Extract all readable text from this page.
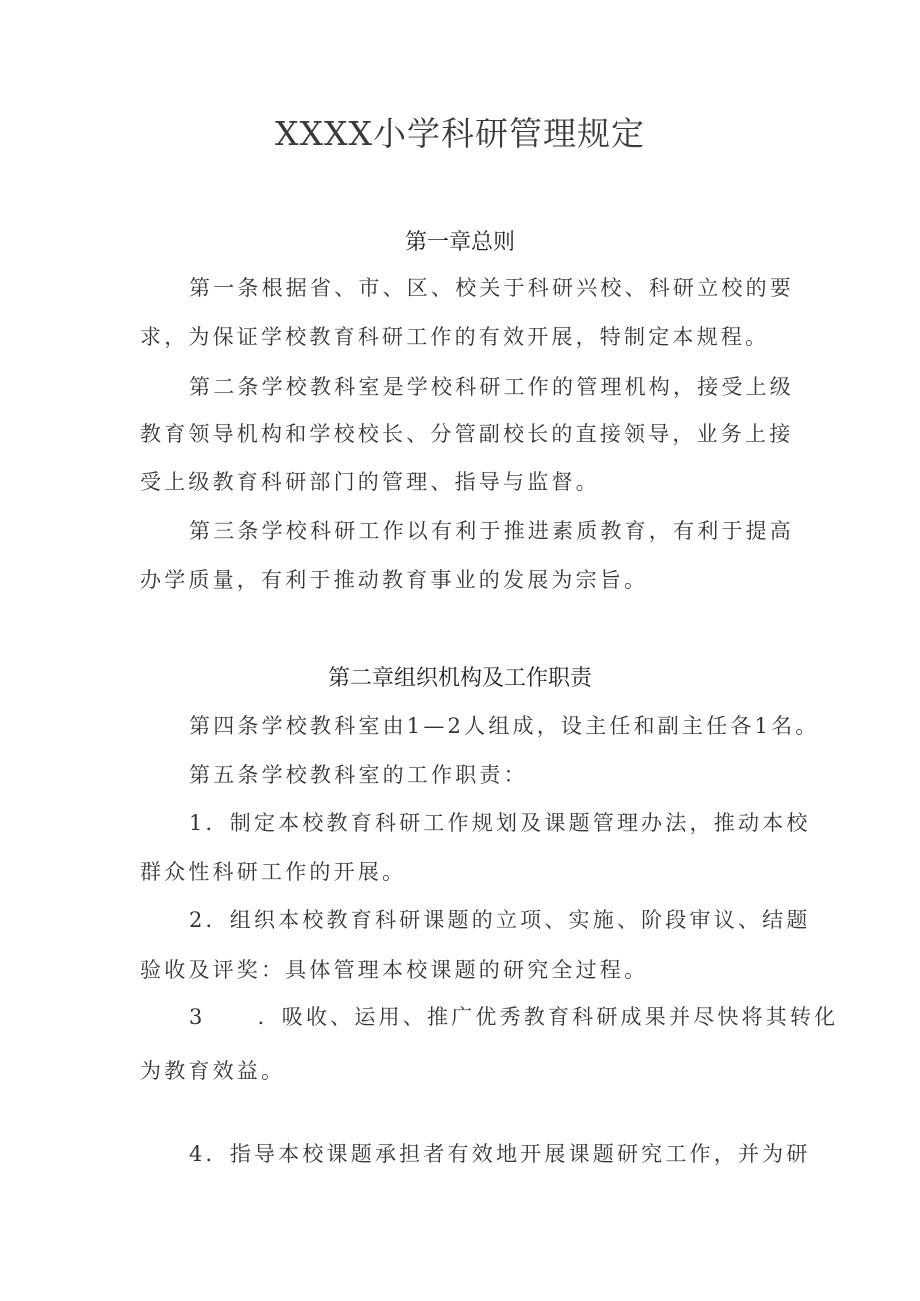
XXXX小学科研管理规定
第一章总则
第一条根据省、市、区、校关于科研兴校、科研立校的要
求，为保证学校教育科研工作的有效开展，特制定本规程。
第二条学校教科室是学校科研工作的管理机构，接受上级
教育领导机构和学校校长、分管副校长的直接领导，业务上接
受上级教育科研部门的管理、指导与监督。
第三条学校科研工作以有利于推进素质教育，有利于提高
办学质量，有利于推动教育事业的发展为宗旨。
第二章组织机构及工作职责
第四条学校教科室由1—2人组成，设主任和副主任各1名。
第五条学校教科室的工作职责：
1．制定本校教育科研工作规划及课题管理办法，推动本校
群众性科研工作的开展。
2．组织本校教育科研课题的立项、实施、阶段审议、结题
验收及评奖：具体管理本校课题的研究全过程。
3 ．吸收、运用、推广优秀教育科研成果并尽快将其转化
为教育效益。
4．指导本校课题承担者有效地开展课题研究工作，并为研
